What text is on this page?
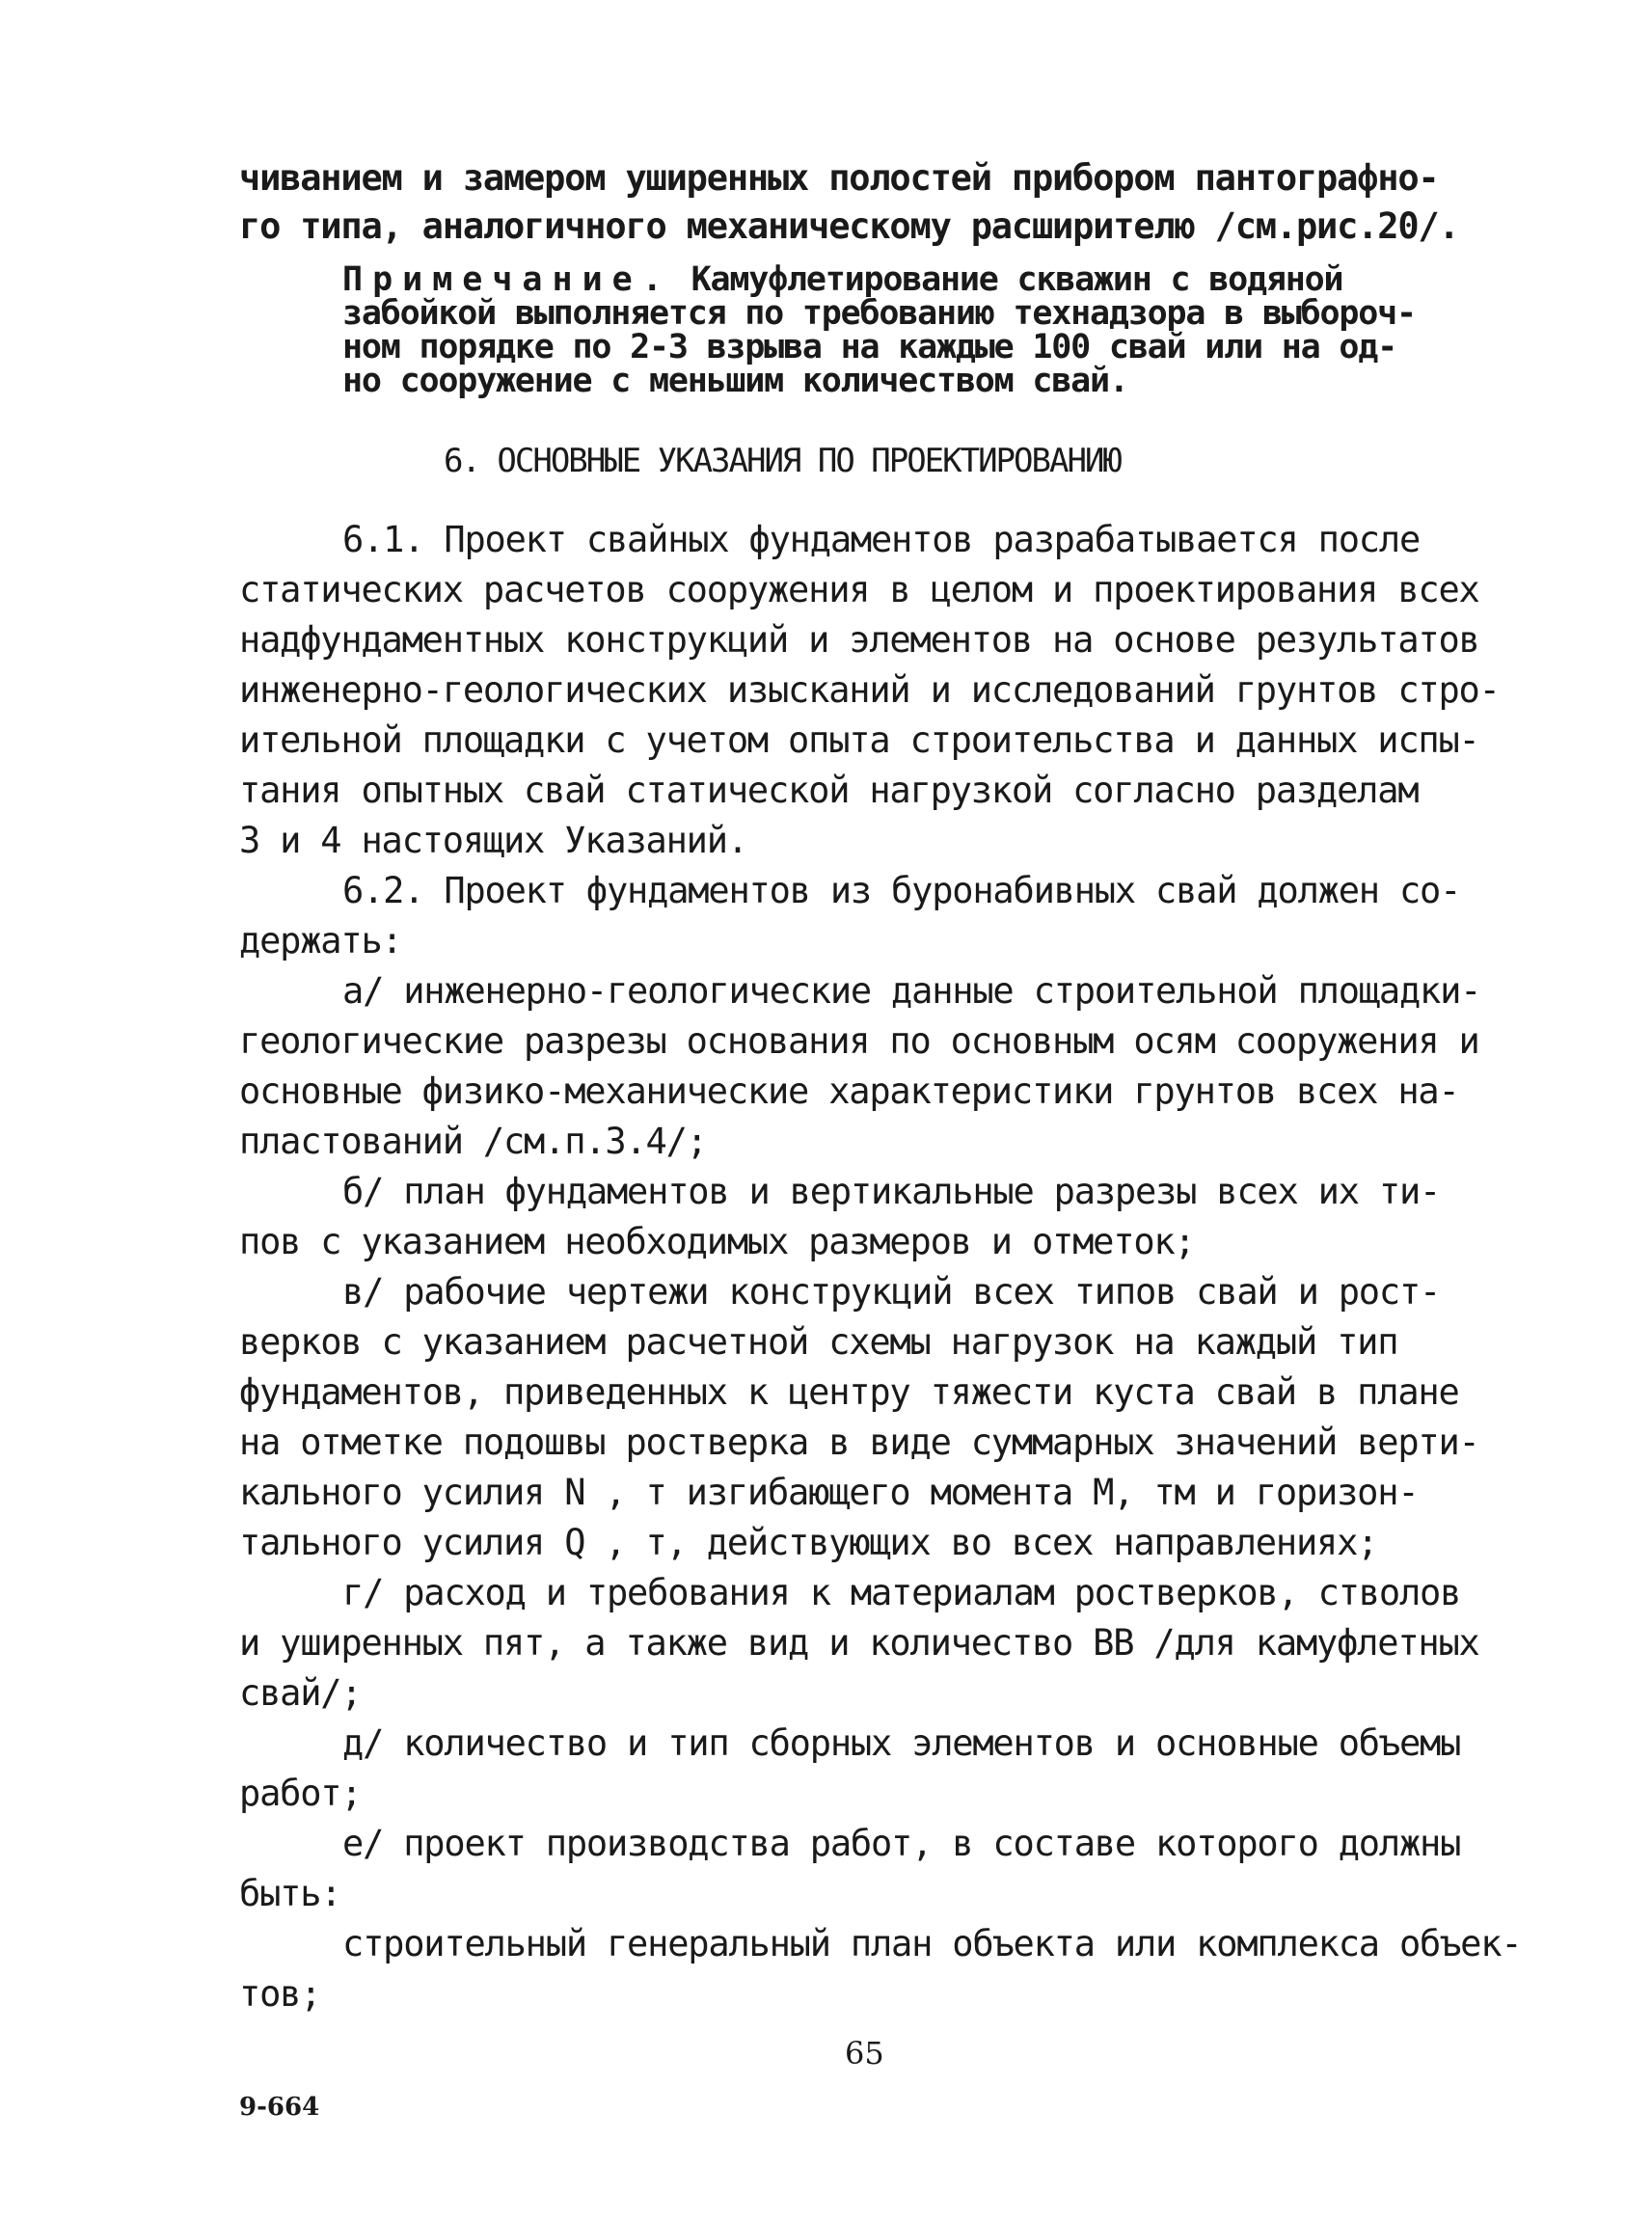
чиванием и замером уширенных полостей прибором пантографно-
го типа, аналогичного механическому расширителю /см.рис.20/.
Примечание. Камуфлетирование скважин с водяной
забойкой выполняется по требованию технадзора в выбороч-
ном порядке по 2-3 взрыва на каждые 100 свай или на од-
но сооружение с меньшим количеством свай.
6. ОСНОВНЫЕ УКАЗАНИЯ ПО ПРОЕКТИРОВАНИЮ
6.1. Проект свайных фундаментов разрабатывается после
статических расчетов сооружения в целом и проектирования всех
надфундаментных конструкций и элементов на основе результатов
инженерно-геологических изысканий и исследований грунтов стро-
ительной площадки с учетом опыта строительства и данных испы-
тания опытных свай статической нагрузкой согласно разделам
3 и 4 настоящих Указаний.
6.2. Проект фундаментов из буронабивных свай должен со-
держать:
а/ инженерно-геологические данные строительной площадки-
геологические разрезы основания по основным осям сооружения и
основные физико-механические характеристики грунтов всех на-
пластований /см.п.3.4/;
б/ план фундаментов и вертикальные разрезы всех их ти-
пов с указанием необходимых размеров и отметок;
в/ рабочие чертежи конструкций всех типов свай и рост-
верков с указанием расчетной схемы нагрузок на каждый тип
фундаментов, приведенных к центру тяжести куста свай в плане
на отметке подошвы ростверка в виде суммарных значений верти-
кального усилия N , т изгибающего момента М, тм и горизон-
тального усилия Q , т, действующих во всех направлениях;
г/ расход и требования к материалам ростверков, стволов
и уширенных пят, а также вид и количество ВВ /для камуфлетных
свай/;
д/ количество и тип сборных элементов и основные объемы
работ;
е/ проект производства работ, в составе которого должны
быть:
строительный генеральный план объекта или комплекса объек-
тов;
65
9-664
